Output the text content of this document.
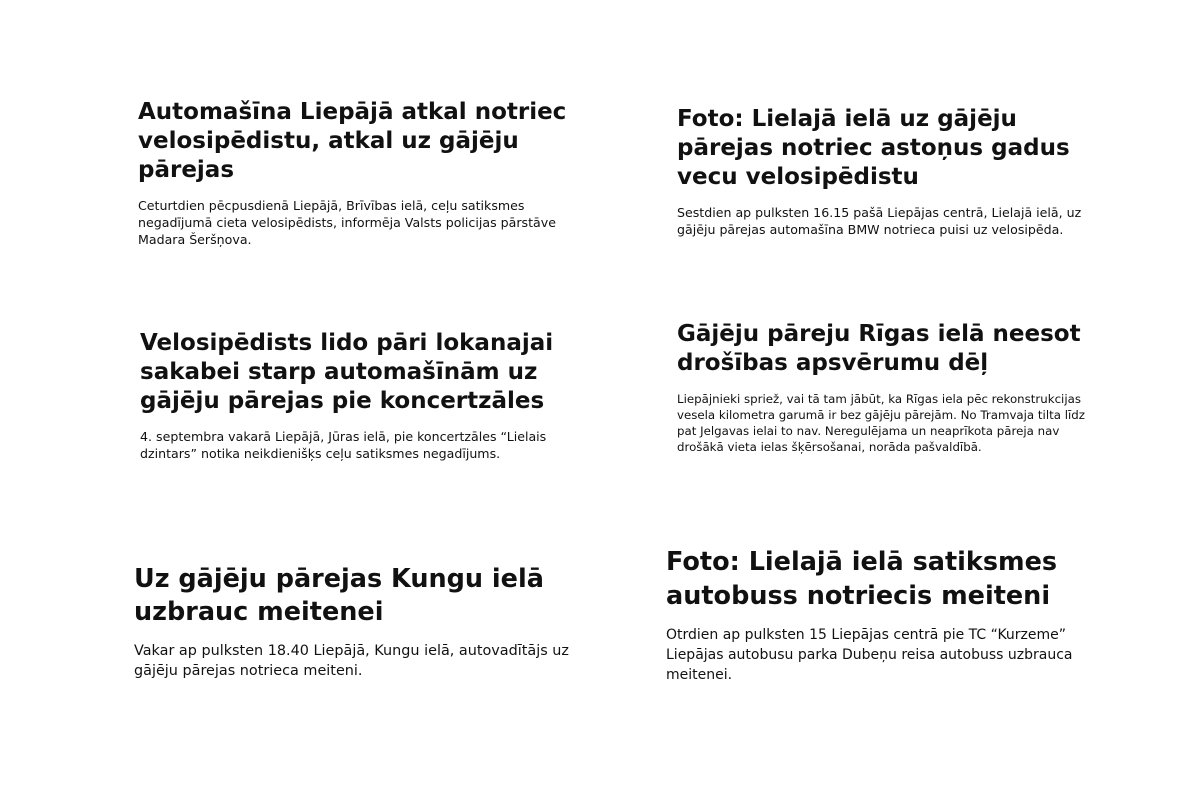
Automašīna Liepājā atkal notriec velosipēdistu, atkal uz gājēju pārejas

Ceturtdien pēcpusdienā Liepājā, Brīvības ielā, ceļu satiksmes negadījumā cieta velosipēdists, informēja Valsts policijas pārstāve Madara Šeršņova.

Foto: Lielajā ielā uz gājēju pārejas notriec astoņus gadus vecu velosipēdistu

Sestdien ap pulksten 16.15 pašā Liepājas centrā, Lielajā ielā, uz gājēju pārejas automašīna BMW notrieca puisi uz velosipēda.

Velosipēdists lido pāri lokanajai sakabei starp automašīnām uz gājēju pārejas pie koncertzāles

4. septembra vakarā Liepājā, Jūras ielā, pie koncertzāles “Lielais dzintars” notika neikdienišķs ceļu satiksmes negadījums.

Gājēju pāreju Rīgas ielā neesot drošības apsvērumu dēļ

Liepājnieki spriež, vai tā tam jābūt, ka Rīgas iela pēc rekonstrukcijas vesela kilometra garumā ir bez gājēju pārejām. No Tramvaja tilta līdz pat Jelgavas ielai to nav. Neregulējama un neaprīkota pāreja nav drošākā vieta ielas šķērsošanai, norāda pašvaldībā.

Uz gājēju pārejas Kungu ielā uzbrauc meitenei

Vakar ap pulksten 18.40 Liepājā, Kungu ielā, autovadītājs uz gājēju pārejas notrieca meiteni.

Foto: Lielajā ielā satiksmes autobuss notriecis meiteni

Otrdien ap pulksten 15 Liepājas centrā pie TC “Kurzeme” Liepājas autobusu parka Dubeņu reisa autobuss uzbrauca meitenei.
